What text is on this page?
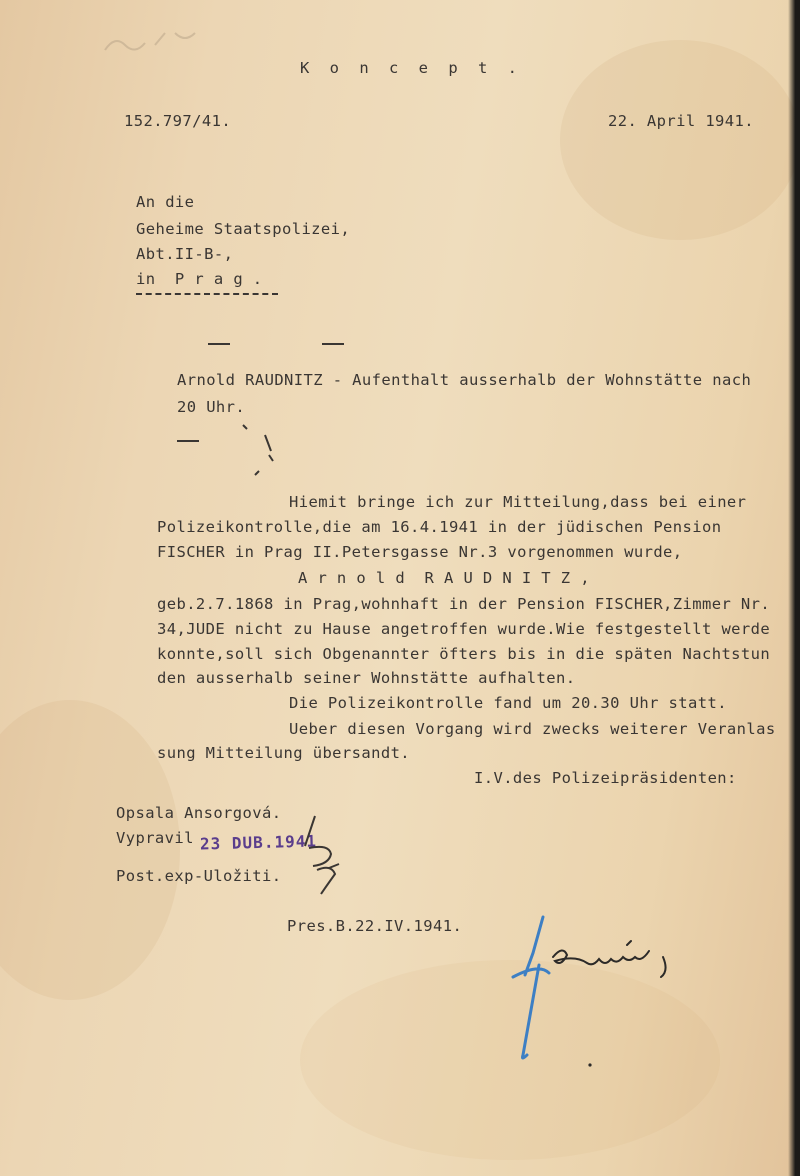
K o n c e p t .
152.797/41.	22. April 1941.
An die
Geheime Staatspolizei,
Abt.II-B-,
in  P r a g .
Arnold RAUDNITZ - Aufenthalt ausserhalb der Wohnstätte nach
20 Uhr.
Hiemit bringe ich zur Mitteilung,dass bei einer
Polizeikontrolle,die am 16.4.1941 in der jüdischen Pension
FISCHER in Prag II.Petersgasse Nr.3 vorgenommen wurde,
A r n o l d  R A U D N I T Z ,
geb.2.7.1868 in Prag,wohnhaft in der Pension FISCHER,Zimmer Nr.
34,JUDE nicht zu Hause angetroffen wurde.Wie festgestellt werde
konnte,soll sich Obgenannter öfters bis in die späten Nachtstun
den ausserhalb seiner Wohnstätte aufhalten.
Die Polizeikontrolle fand um 20.30 Uhr statt.
Ueber diesen Vorgang wird zwecks weiterer Veranlas
sung Mitteilung übersandt.
I.V.des Polizeipräsidenten:
Opsala Ansorgová.
Vypravil 23 DUB.1941
Post.exp-Uložiti.
Pres.B.22.IV.1941.
